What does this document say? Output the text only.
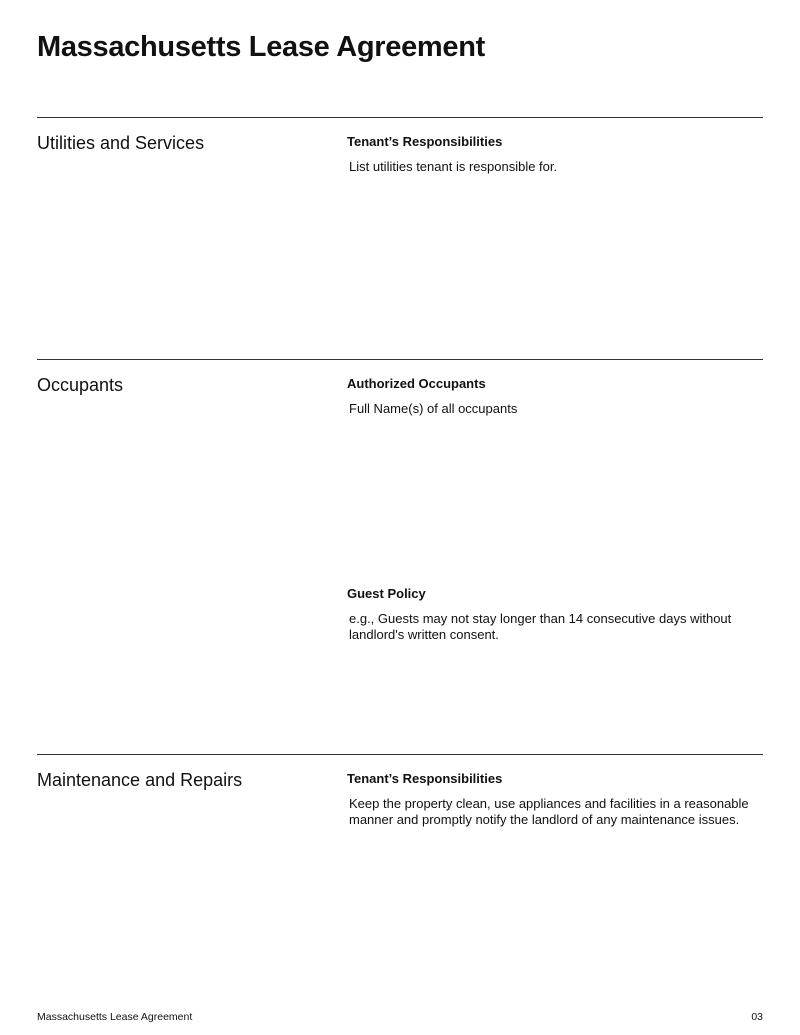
Massachusetts Lease Agreement
Utilities and Services	Tenant’s Responsibilities
List utilities tenant is responsible for.
Occupants	Authorized Occupants
Full Name(s) of all occupants
Guest Policy
e.g., Guests may not stay longer than 14 consecutive days without landlord's written consent.
Maintenance and Repairs	Tenant’s Responsibilities
Keep the property clean, use appliances and facilities in a reasonable manner and promptly notify the landlord of any maintenance issues.
Massachusetts Lease Agreement	03
